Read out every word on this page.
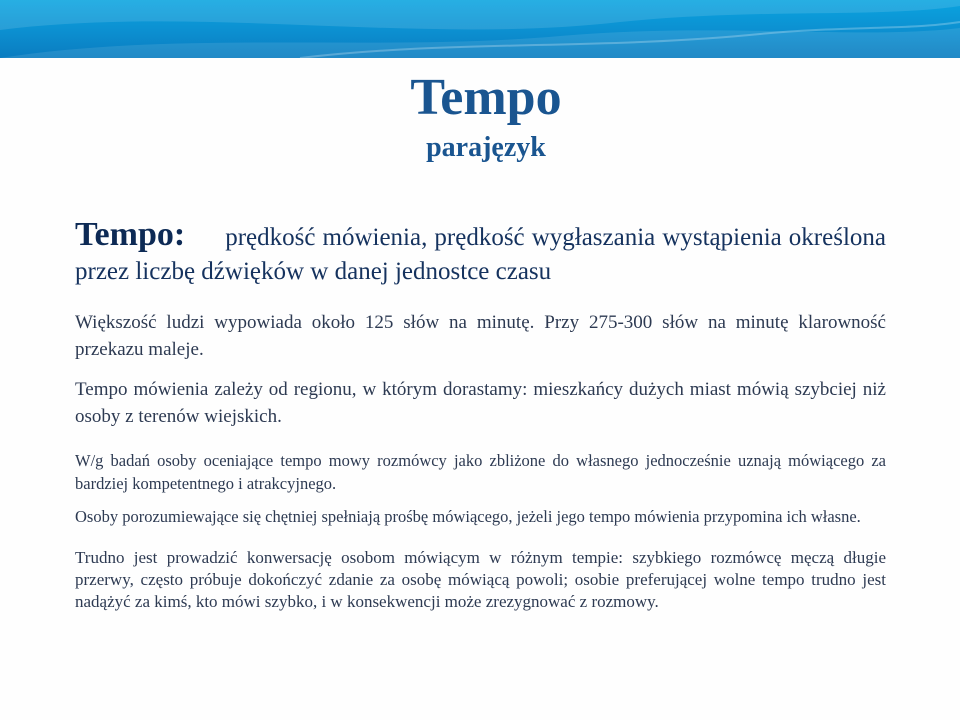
Tempo
parajęzyk

Tempo: prędkość mówienia, prędkość wygłaszania wystąpienia określona przez liczbę dźwięków w danej jednostce czasu

Większość ludzi wypowiada około 125 słów na minutę. Przy 275-300 słów na minutę klarowność przekazu maleje.

Tempo mówienia zależy od regionu, w którym dorastamy: mieszkańcy dużych miast mówią szybciej niż osoby z terenów wiejskich.

W/g badań osoby oceniające tempo mowy rozmówcy jako zbliżone do własnego jednocześnie uznają mówiącego za bardziej kompetentnego i atrakcyjnego.

Osoby porozumiewające się chętniej spełniają prośbę mówiącego, jeżeli jego tempo mówienia przypomina ich własne.

Trudno jest prowadzić konwersację osobom mówiącym w różnym tempie: szybkiego rozmówcę męczą długie przerwy, często próbuje dokończyć zdanie za osobę mówiącą powoli; osobie preferującej wolne tempo trudno jest nadążyć za kimś, kto mówi szybko, i w konsekwencji może zrezygnować z rozmowy.
